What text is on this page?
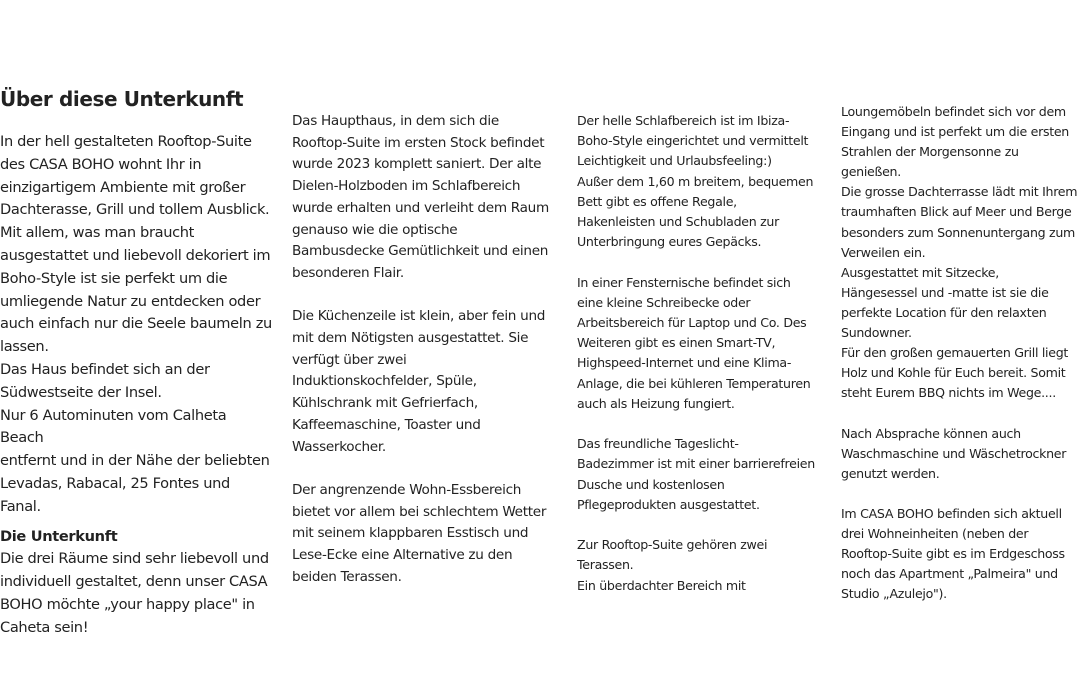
Über diese Unterkunft

In der hell gestalteten Rooftop-Suite
des CASA BOHO wohnt Ihr in
einzigartigem Ambiente mit großer
Dachterasse, Grill und tollem Ausblick.
Mit allem, was man braucht
ausgestattet und liebevoll dekoriert im
Boho-Style ist sie perfekt um die
umliegende Natur zu entdecken oder
auch einfach nur die Seele baumeln zu
lassen.
Das Haus befindet sich an der
Südwestseite der Insel.
Nur 6 Autominuten vom Calheta Beach
entfernt und in der Nähe der beliebten
Levadas, Rabacal, 25 Fontes und Fanal.

Die Unterkunft

Die drei Räume sind sehr liebevoll und
individuell gestaltet, denn unser CASA
BOHO möchte „your happy place" in
Caheta sein!

Das Haupthaus, in dem sich die
Rooftop-Suite im ersten Stock befindet
wurde 2023 komplett saniert. Der alte
Dielen-Holzboden im Schlafbereich
wurde erhalten und verleiht dem Raum
genauso wie die optische
Bambusdecke Gemütlichkeit und einen
besonderen Flair.

Die Küchenzeile ist klein, aber fein und
mit dem Nötigsten ausgestattet. Sie
verfügt über zwei
Induktionskochfelder, Spüle,
Kühlschrank mit Gefrierfach,
Kaffeemaschine, Toaster und
Wasserkocher.

Der angrenzende Wohn-Essbereich
bietet vor allem bei schlechtem Wetter
mit seinem klappbaren Esstisch und
Lese-Ecke eine Alternative zu den
beiden Terassen.

Der helle Schlafbereich ist im Ibiza-
Boho-Style eingerichtet und vermittelt
Leichtigkeit und Urlaubsfeeling:)
Außer dem 1,60 m breitem, bequemen
Bett gibt es offene Regale,
Hakenleisten und Schubladen zur
Unterbringung eures Gepäcks.

In einer Fensternische befindet sich
eine kleine Schreibecke oder
Arbeitsbereich für Laptop und Co. Des
Weiteren gibt es einen Smart-TV,
Highspeed-Internet und eine Klima-
Anlage, die bei kühleren Temperaturen
auch als Heizung fungiert.

Das freundliche Tageslicht-
Badezimmer ist mit einer barrierefreien
Dusche und kostenlosen
Pflegeprodukten ausgestattet.

Zur Rooftop-Suite gehören zwei
Terassen.
Ein überdachter Bereich mit

Loungemöbeln befindet sich vor dem
Eingang und ist perfekt um die ersten
Strahlen der Morgensonne zu
genießen.
Die grosse Dachterrasse lädt mit Ihrem
traumhaften Blick auf Meer und Berge
besonders zum Sonnenuntergang zum
Verweilen ein.
Ausgestattet mit Sitzecke,
Hängesessel und -matte ist sie die
perfekte Location für den relaxten
Sundowner.
Für den großen gemauerten Grill liegt
Holz und Kohle für Euch bereit. Somit
steht Eurem BBQ nichts im Wege....

Nach Absprache können auch
Waschmaschine und Wäschetrockner
genutzt werden.

Im CASA BOHO befinden sich aktuell
drei Wohneinheiten (neben der
Rooftop-Suite gibt es im Erdgeschoss
noch das Apartment „Palmeira" und
Studio „Azulejo").
